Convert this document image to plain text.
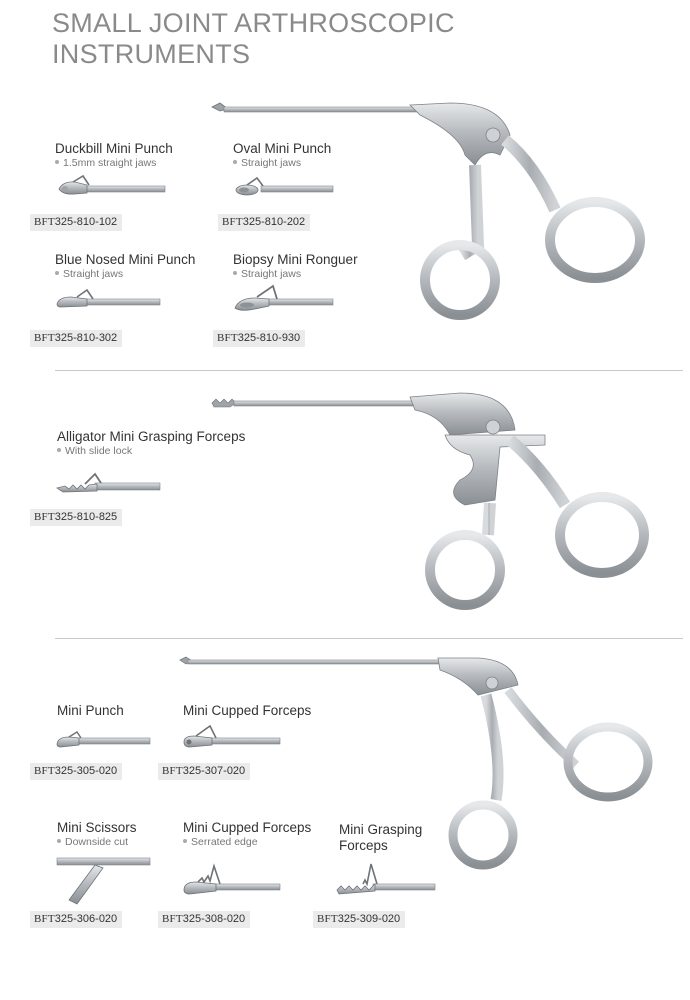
SMALL JOINT ARTHROSCOPIC
INSTRUMENTS
Duckbill Mini Punch
1.5mm straight jaws
BFT325-810-102
Oval Mini Punch
Straight jaws
BFT325-810-202
Blue Nosed Mini Punch
Straight jaws
BFT325-810-302
Biopsy Mini Ronguer
Straight jaws
BFT325-810-930
Alligator Mini Grasping Forceps
With slide lock
BFT325-810-825
Mini Punch
BFT325-305-020
Mini Cupped Forceps
BFT325-307-020
Mini Scissors
Downside cut
BFT325-306-020
Mini Cupped Forceps
Serrated edge
BFT325-308-020
Mini Grasping
Forceps
BFT325-309-020
